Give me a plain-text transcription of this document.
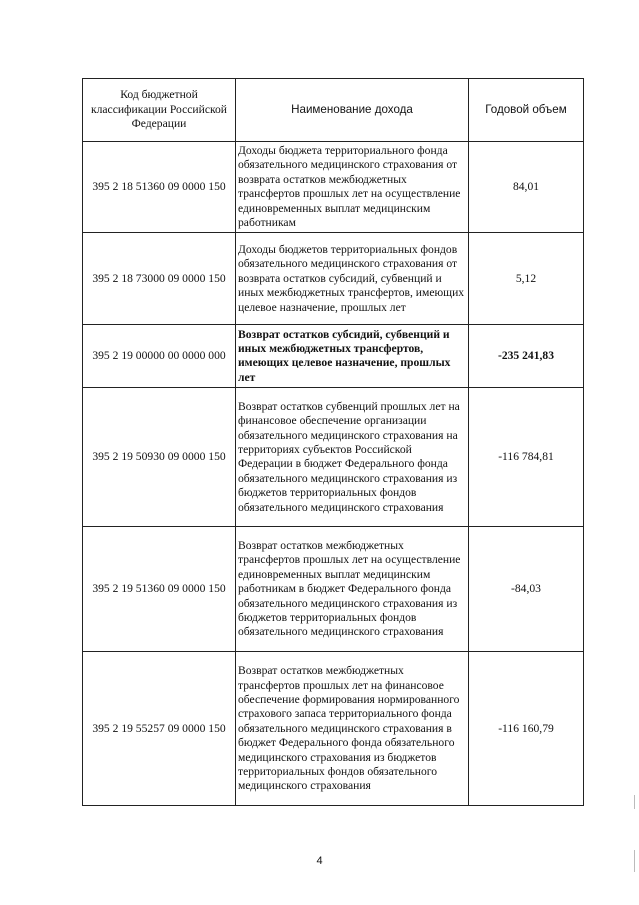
Код бюджетной классификации Российской Федерации	Наименование дохода	Годовой объем
395 2 18 51360 09 0000 150	Доходы бюджета территориального фонда обязательного медицинского страхования от возврата остатков межбюджетных трансфертов прошлых лет на осуществление единовременных выплат медицинским работникам	84,01
395 2 18 73000 09 0000 150	Доходы бюджетов территориальных фондов обязательного медицинского страхования от возврата остатков субсидий, субвенций и иных межбюджетных трансфертов, имеющих целевое назначение, прошлых лет	5,12
395 2 19 00000 00 0000 000	Возврат остатков субсидий, субвенций и иных межбюджетных трансфертов, имеющих целевое назначение, прошлых лет	-235 241,83
395 2 19 50930 09 0000 150	Возврат остатков субвенций прошлых лет на финансовое обеспечение организации обязательного медицинского страхования на территориях субъектов Российской Федерации в бюджет Федерального фонда обязательного медицинского страхования из бюджетов территориальных фондов обязательного медицинского страхования	-116 784,81
395 2 19 51360 09 0000 150	Возврат остатков межбюджетных трансфертов прошлых лет на осуществление единовременных выплат медицинским работникам в бюджет Федерального фонда обязательного медицинского страхования из бюджетов территориальных фондов обязательного медицинского страхования	-84,03
395 2 19 55257 09 0000 150	Возврат остатков межбюджетных трансфертов прошлых лет на финансовое обеспечение формирования нормированного страхового запаса территориального фонда обязательного медицинского страхования в бюджет Федерального фонда обязательного медицинского страхования из бюджетов территориальных фондов обязательного медицинского страхования	-116 160,79
4
